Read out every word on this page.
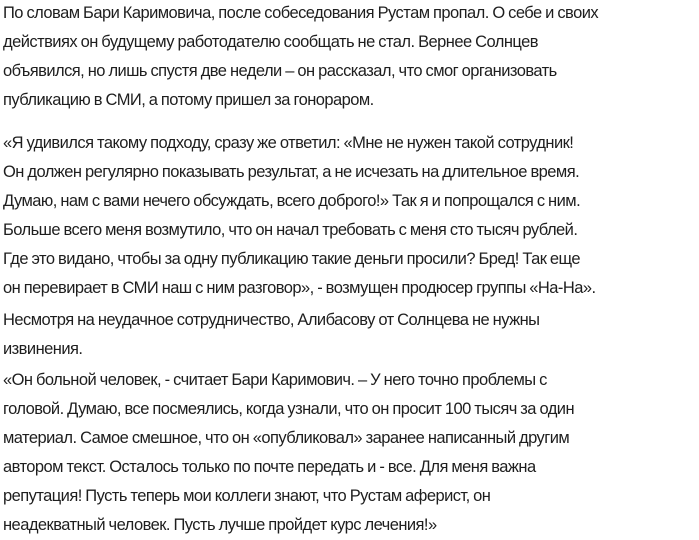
По словам Бари Каримовича, после собеседования Рустам пропал. О себе и своих
действиях он будущему работодателю сообщать не стал. Вернее Солнцев
объявился, но лишь спустя две недели – он рассказал, что смог организовать
публикацию в СМИ, а потому пришел за гонораром.

«Я удивился такому подходу, сразу же ответил: «Мне не нужен такой сотрудник!
Он должен регулярно показывать результат, а не исчезать на длительное время.
Думаю, нам с вами нечего обсуждать, всего доброго!» Так я и попрощался с ним.
Больше всего меня возмутило, что он начал требовать с меня сто тысяч рублей.
Где это видано, чтобы за одну публикацию такие деньги просили? Бред! Так еще
он перевирает в СМИ наш с ним разговор», - возмущен продюсер группы «На-На».

Несмотря на неудачное сотрудничество, Алибасову от Солнцева не нужны
извинения.

«Он больной человек, - считает Бари Каримович. – У него точно проблемы с
головой. Думаю, все посмеялись, когда узнали, что он просит 100 тысяч за один
материал. Самое смешное, что он «опубликовал» заранее написанный другим
автором текст. Осталось только по почте передать и - все. Для меня важна
репутация! Пусть теперь мои коллеги знают, что Рустам аферист, он
неадекватный человек. Пусть лучше пройдет курс лечения!»
